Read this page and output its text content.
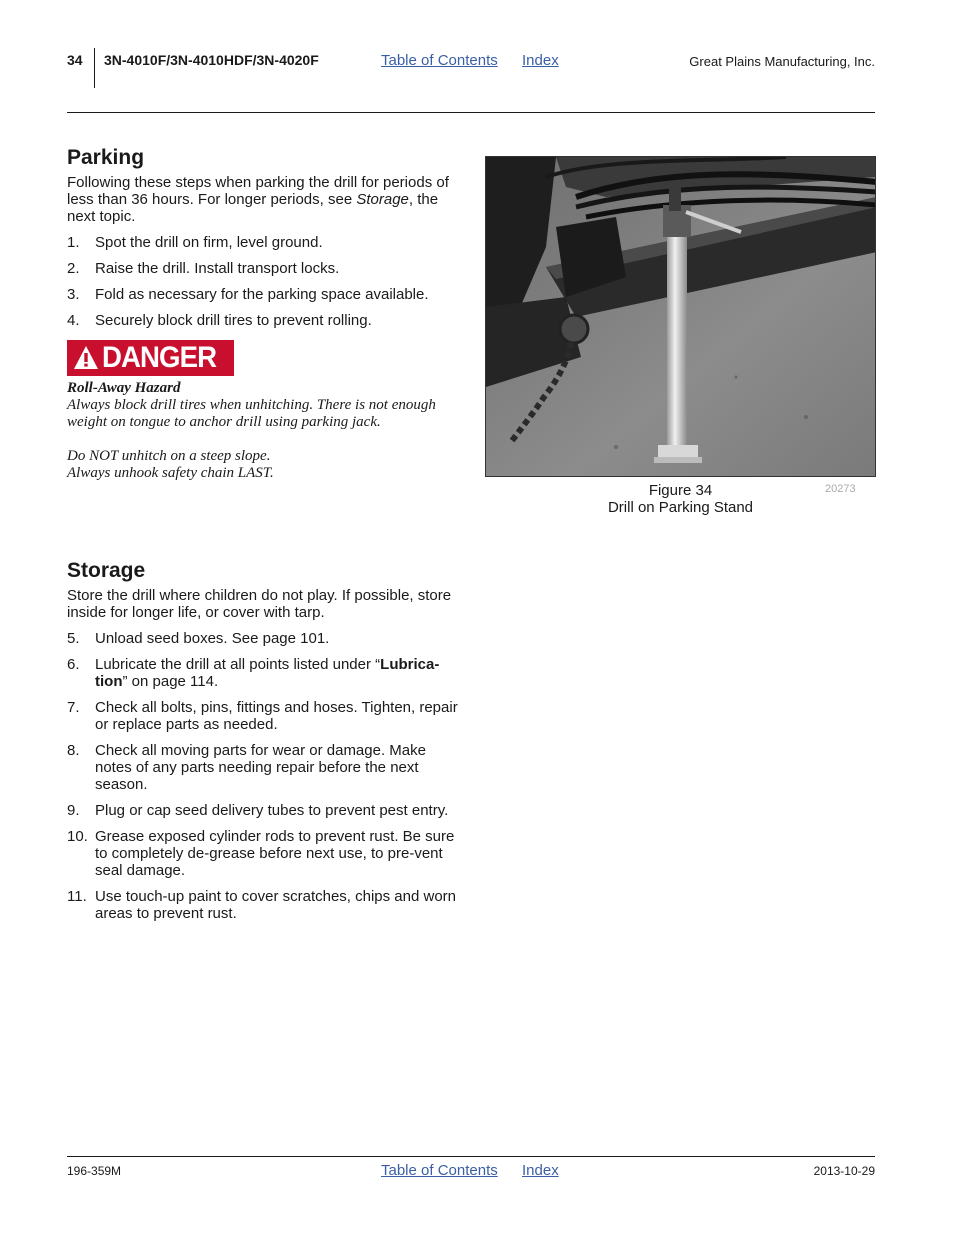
34 3N-4010F/3N-4010HDF/3N-4020F	Table of Contents Index	Great Plains Manufacturing, Inc.
Parking

Following these steps when parking the drill for periods of less than 36 hours. For longer periods, see Storage, the next topic.

1. Spot the drill on firm, level ground.
2. Raise the drill. Install transport locks.
3. Fold as necessary for the parking space available.
4. Securely block drill tires to prevent rolling.
DANGER
Roll-Away Hazard
Always block drill tires when unhitching. There is not enough weight on tongue to anchor drill using parking jack.
Do NOT unhitch on a steep slope.
Always unhook safety chain LAST.
Figure 34
Drill on Parking Stand
20273
Storage

Store the drill where children do not play. If possible, store inside for longer life, or cover with tarp.

5. Unload seed boxes. See page 101.
6. Lubricate the drill at all points listed under “Lubrica-tion” on page 114.
7. Check all bolts, pins, fittings and hoses. Tighten, repair or replace parts as needed.
8. Check all moving parts for wear or damage. Make notes of any parts needing repair before the next season.
9. Plug or cap seed delivery tubes to prevent pest entry.
10. Grease exposed cylinder rods to prevent rust. Be sure to completely de-grease before next use, to pre-vent seal damage.
11. Use touch-up paint to cover scratches, chips and worn areas to prevent rust.
196-359M	Table of Contents Index	2013-10-29
